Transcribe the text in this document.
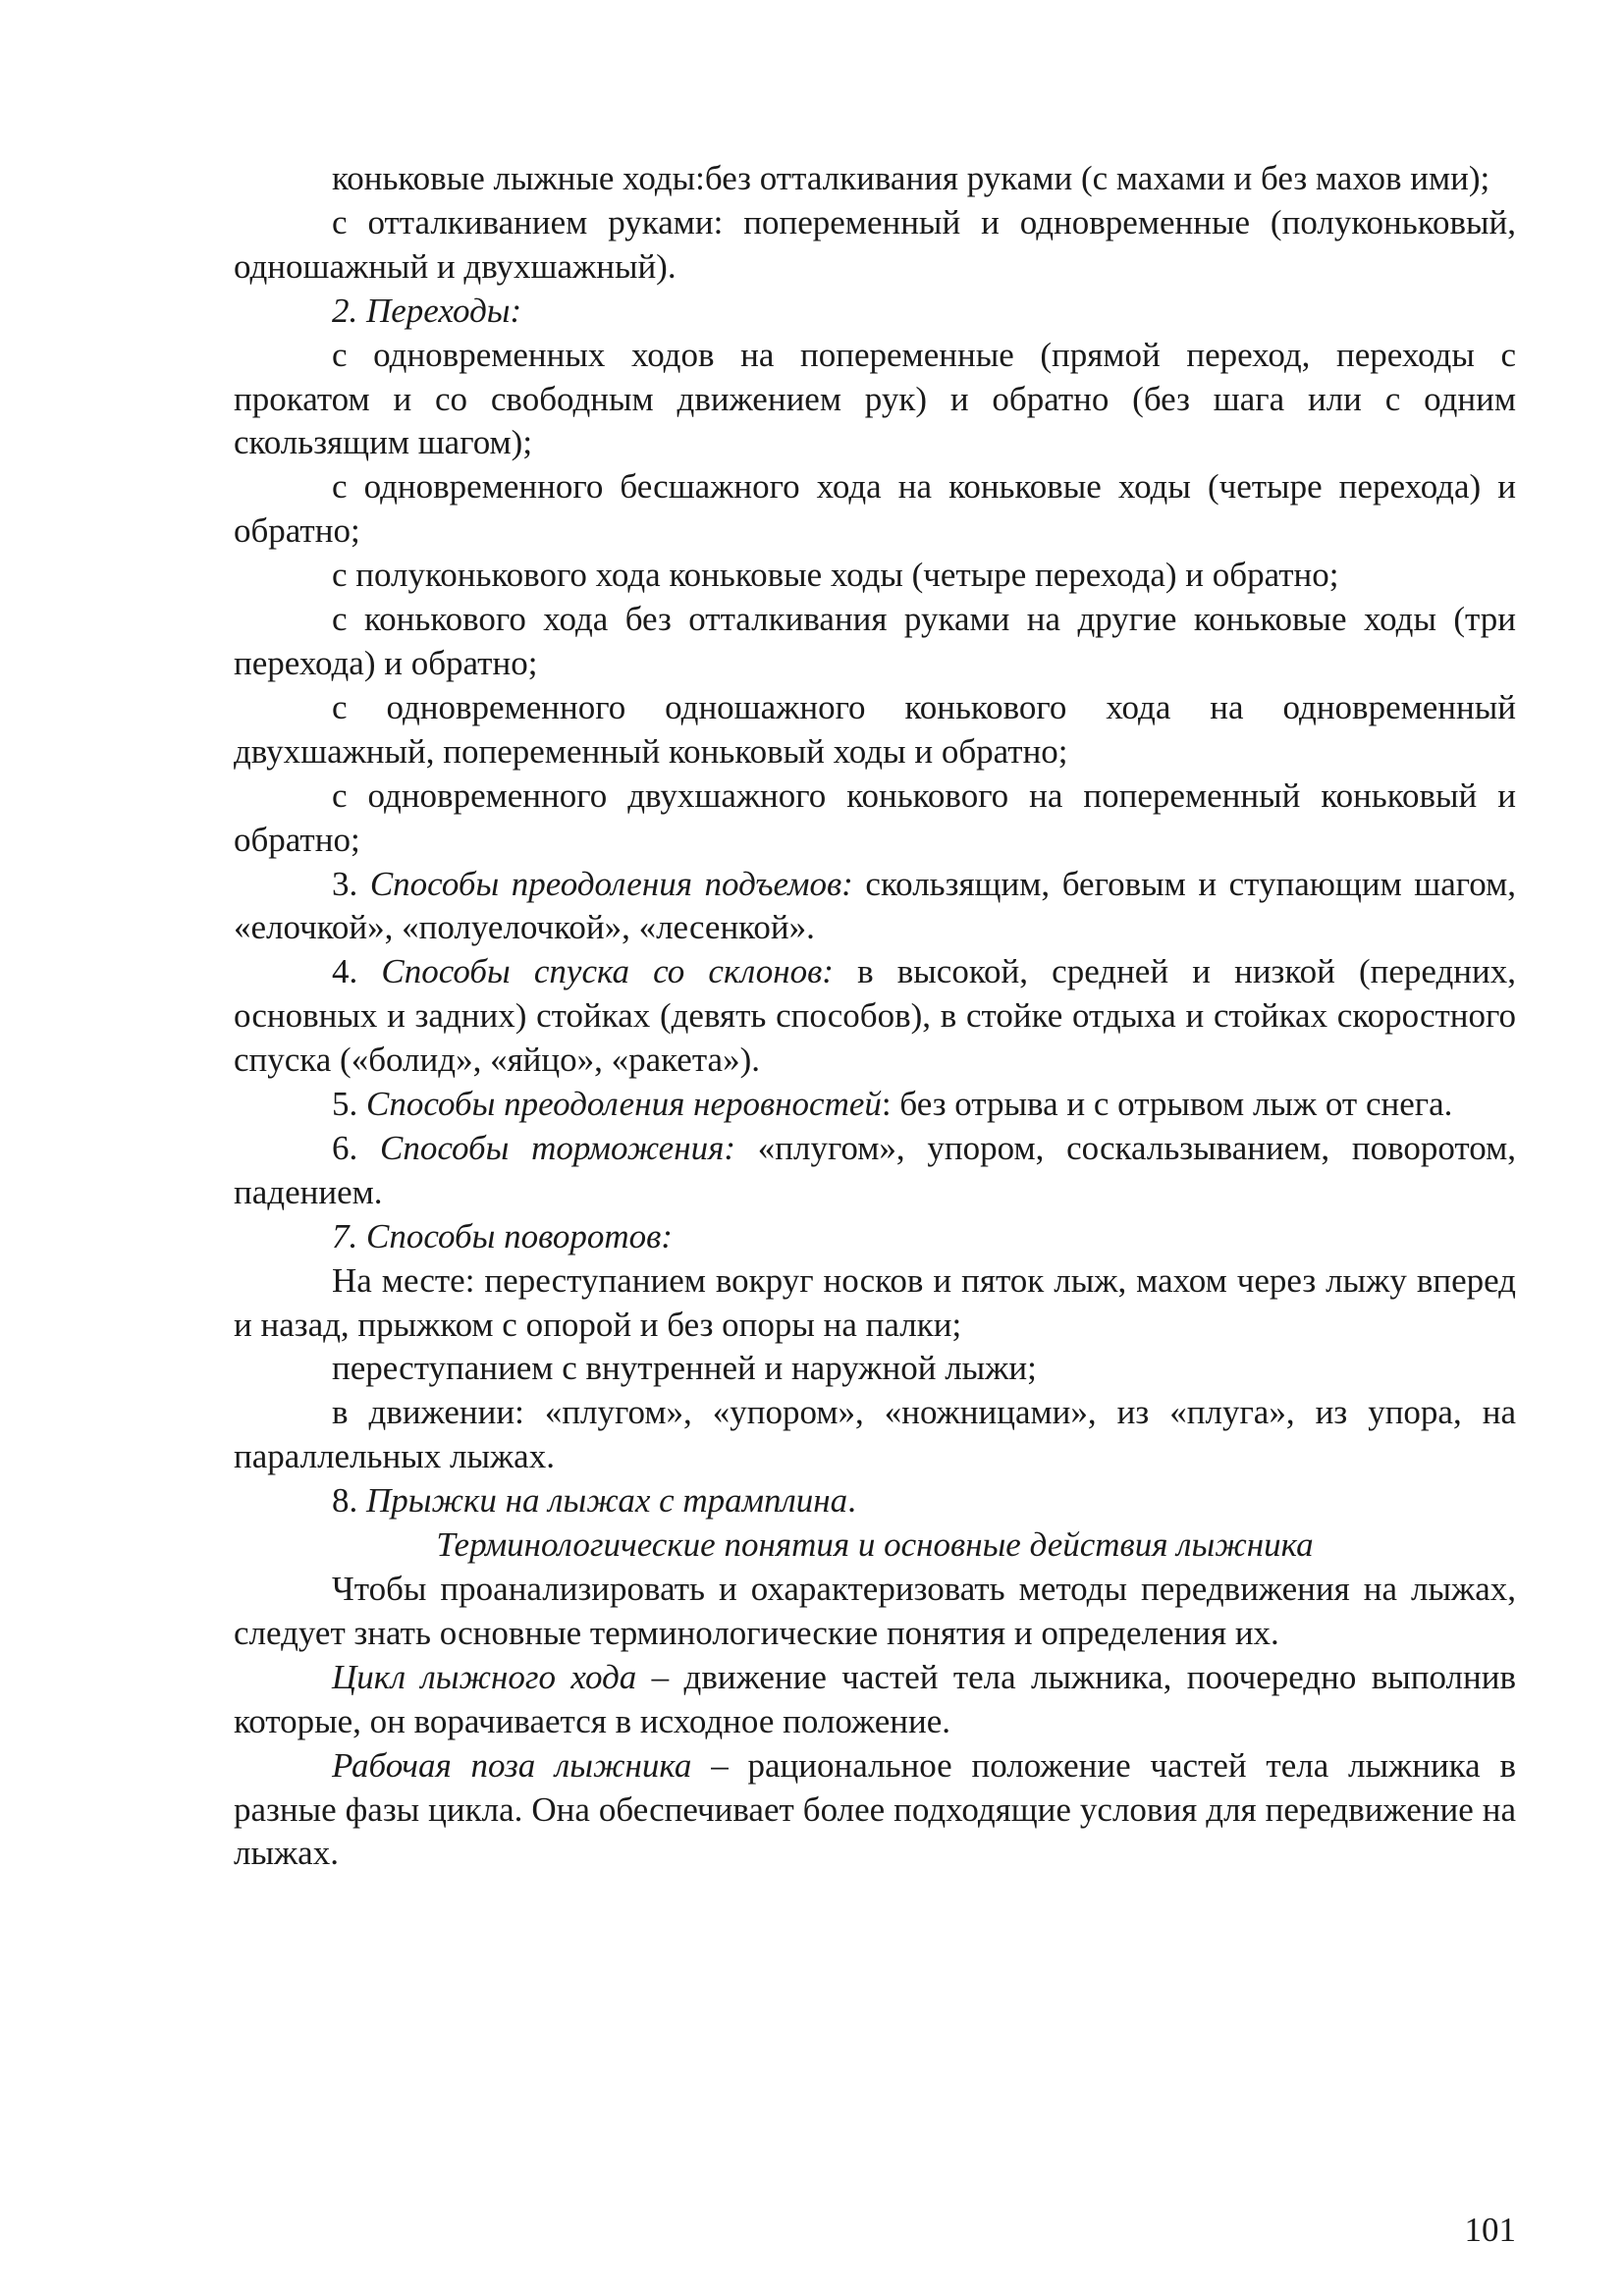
коньковые лыжные ходы:без отталкивания руками (с махами и без махов ими);

с отталкиванием руками: попеременный и одновременные (полуконьковый, одношажный и двухшажный).

2. Переходы:

с одновременных ходов на попеременные (прямой переход, переходы с прокатом и со свободным движением рук) и обратно (без шага или с одним скользящим шагом);

с одновременного бесшажного хода на коньковые ходы (четыре перехода) и обратно;

с полуконькового хода коньковые ходы (четыре перехода) и обратно;

с конькового хода без отталкивания руками на другие коньковые ходы (три перехода) и обратно;

с одновременного одношажного конькового хода на одновременный двухшажный, попеременный коньковый ходы и обратно;

с одновременного двухшажного конькового на попеременный коньковый и обратно;

3. Способы преодоления подъемов: скользящим, беговым и ступающим шагом, «елочкой», «полуелочкой», «лесенкой».

4. Способы спуска со склонов: в высокой, средней и низкой (передних, основных и задних) стойках (девять способов), в стойке отдыха и стойках скоростного спуска («болид», «яйцо», «ракета»).

5. Способы преодоления неровностей: без отрыва и с отрывом лыж от снега.

6. Способы торможения: «плугом», упором, соскальзыванием, поворотом, падением.

7. Способы поворотов:

На месте: переступанием вокруг носков и пяток лыж, махом через лыжу вперед и назад, прыжком с опорой и без опоры на палки;

переступанием с внутренней и наружной лыжи;

в движении: «плугом», «упором», «ножницами», из «плуга», из упора, на параллельных лыжах.

8. Прыжки на лыжах с трамплина.

Терминологические понятия и основные действия лыжника

Чтобы проанализировать и охарактеризовать методы передвижения на лыжах, следует знать основные терминологические понятия и определения их.

Цикл лыжного хода – движение частей тела лыжника, поочередно выполнив которые, он ворачивается в исходное положение.

Рабочая поза лыжника – рациональное положение частей тела лыжника в разные фазы цикла. Она обеспечивает более подходящие условия для передвижение на лыжах.

101
